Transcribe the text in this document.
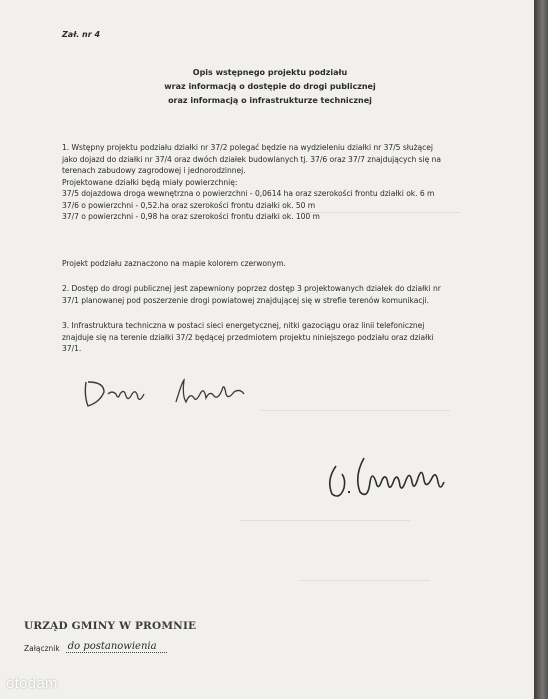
Zał. nr 4
Opis wstępnego projektu podziału
wraz informacją o dostępie do drogi publicznej
oraz informacją o infrastrukturze technicznej

1. Wstępny projektu podziału działki nr 37/2 polegać będzie na wydzieleniu działki nr 37/5 służącej

jako dojazd do działki nr 37/4 oraz dwóch działek budowlanych tj. 37/6 oraz 37/7 znajdujących się na

terenach zabudowy zagrodowej i jednorodzinnej.

Projektowane działki będą miały powierzchnię:

37/5 dojazdowa droga wewnętrzna o powierzchni - 0,0614 ha oraz szerokości frontu działki ok. 6 m

37/6 o powierzchni - 0,52.ha oraz szerokości frontu działki ok. 50 m

37/7 o powierzchni - 0,98 ha oraz szerokości frontu działki ok. 100 m

Projekt podziału zaznaczono na mapie kolorem czerwonym.

2. Dostęp do drogi publicznej jest zapewniony poprzez dostęp 3 projektowanych działek do działki nr

37/1 planowanej pod poszerzenie drogi powiatowej znajdującej się w strefie terenów komunikacji.

3. Infrastruktura techniczna w postaci sieci energetycznej, nitki gazociągu oraz linii telefonicznej

znajduje się na terenie działki 37/2 będącej przedmiotem projektu niniejszego podziału oraz działki

37/1.

URZĄD GMINY W PROMNIE
Załącznik do postanowienia
otodam
